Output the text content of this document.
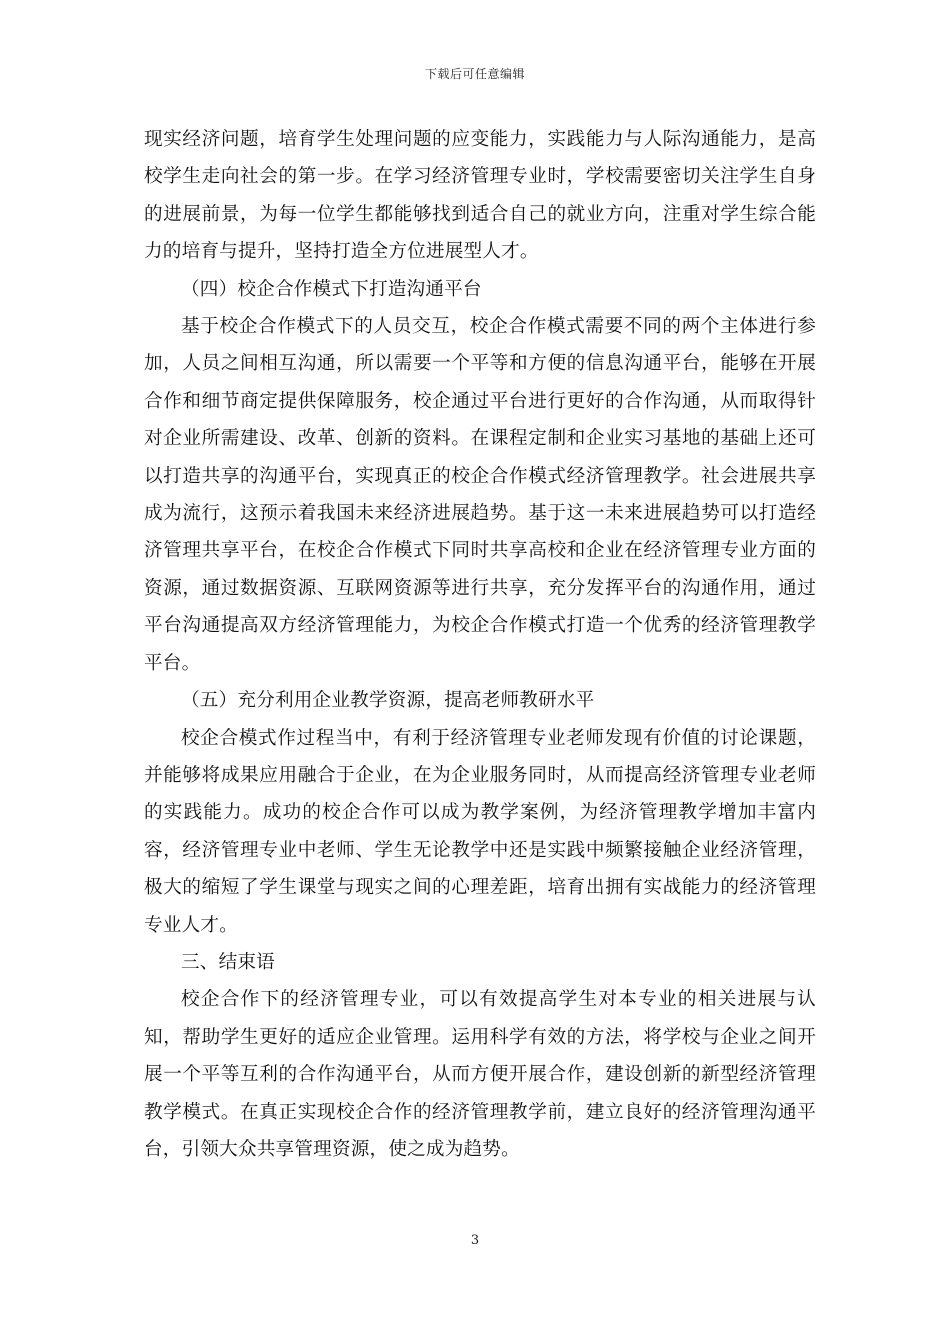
下载后可任意编辑

现实经济问题，培育学生处理问题的应变能力，实践能力与人际沟通能力，是高校学生走向社会的第一步。在学习经济管理专业时，学校需要密切关注学生自身的进展前景，为每一位学生都能够找到适合自己的就业方向，注重对学生综合能力的培育与提升，坚持打造全方位进展型人才。

（四）校企合作模式下打造沟通平台

基于校企合作模式下的人员交互，校企合作模式需要不同的两个主体进行参加，人员之间相互沟通，所以需要一个平等和方便的信息沟通平台，能够在开展合作和细节商定提供保障服务，校企通过平台进行更好的合作沟通，从而取得针对企业所需建设、改革、创新的资料。在课程定制和企业实习基地的基础上还可以打造共享的沟通平台，实现真正的校企合作模式经济管理教学。社会进展共享成为流行，这预示着我国未来经济进展趋势。基于这一未来进展趋势可以打造经济管理共享平台，在校企合作模式下同时共享高校和企业在经济管理专业方面的资源，通过数据资源、互联网资源等进行共享，充分发挥平台的沟通作用，通过平台沟通提高双方经济管理能力，为校企合作模式打造一个优秀的经济管理教学平台。

（五）充分利用企业教学资源，提高老师教研水平

校企合模式作过程当中，有利于经济管理专业老师发现有价值的讨论课题，并能够将成果应用融合于企业，在为企业服务同时，从而提高经济管理专业老师的实践能力。成功的校企合作可以成为教学案例，为经济管理教学增加丰富内容，经济管理专业中老师、学生无论教学中还是实践中频繁接触企业经济管理，极大的缩短了学生课堂与现实之间的心理差距，培育出拥有实战能力的经济管理专业人才。

三、结束语

校企合作下的经济管理专业，可以有效提高学生对本专业的相关进展与认知，帮助学生更好的适应企业管理。运用科学有效的方法，将学校与企业之间开展一个平等互利的合作沟通平台，从而方便开展合作，建设创新的新型经济管理教学模式。在真正实现校企合作的经济管理教学前，建立良好的经济管理沟通平台，引领大众共享管理资源，使之成为趋势。

3
